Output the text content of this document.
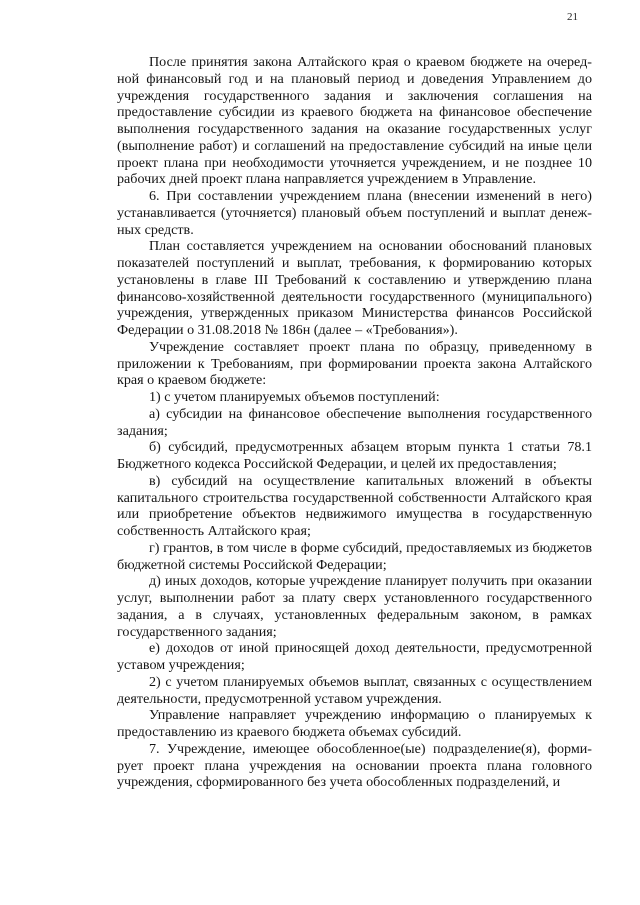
21

После принятия закона Алтайского края о краевом бюджете на очередной финансовый год и на плановый период и доведения Управлением до учреждения государственного задания и заключения соглашения на предоставление субсидии из краевого бюджета на финансовое обеспечение выполнения государственного задания на оказание государственных услуг (выполнение работ) и соглашений на предоставление субсидий на иные цели проект плана при необходимости уточняется учреждением, и не позднее 10 рабочих дней проект плана направляется учреждением в Управление.

6. При составлении учреждением плана (внесении изменений в него) устанавливается (уточняется) плановый объем поступлений и выплат денежных средств.

План составляется учреждением на основании обоснований плановых показателей поступлений и выплат, требования, к формированию которых установлены в главе III Требований к составлению и утверждению плана финансово-хозяйственной деятельности государственного (муниципального) учреждения, утвержденных приказом Министерства финансов Российской Федерации о 31.08.2018 № 186н (далее – «Требования»).

Учреждение составляет проект плана по образцу, приведенному в приложении к Требованиям, при формировании проекта закона Алтайского края о краевом бюджете:

1) с учетом планируемых объемов поступлений:

а) субсидии на финансовое обеспечение выполнения государственного задания;

б) субсидий, предусмотренных абзацем вторым пункта 1 статьи 78.1 Бюджетного кодекса Российской Федерации, и целей их предоставления;

в) субсидий на осуществление капитальных вложений в объекты капитального строительства государственной собственности Алтайского края или приобретение объектов недвижимого имущества в государственную собственность Алтайского края;

г) грантов, в том числе в форме субсидий, предоставляемых из бюджетов бюджетной системы Российской Федерации;

д) иных доходов, которые учреждение планирует получить при оказании услуг, выполнении работ за плату сверх установленного государственного задания, а в случаях, установленных федеральным законом, в рамках государственного задания;

е) доходов от иной приносящей доход деятельности, предусмотренной уставом учреждения;

2) с учетом планируемых объемов выплат, связанных с осуществлением деятельности, предусмотренной уставом учреждения.

Управление направляет учреждению информацию о планируемых к предоставлению из краевого бюджета объемах субсидий.

7. Учреждение, имеющее обособленное(ые) подразделение(я), формирует проект плана учреждения на основании проекта плана головного учреждения, сформированного без учета обособленных подразделений, и
